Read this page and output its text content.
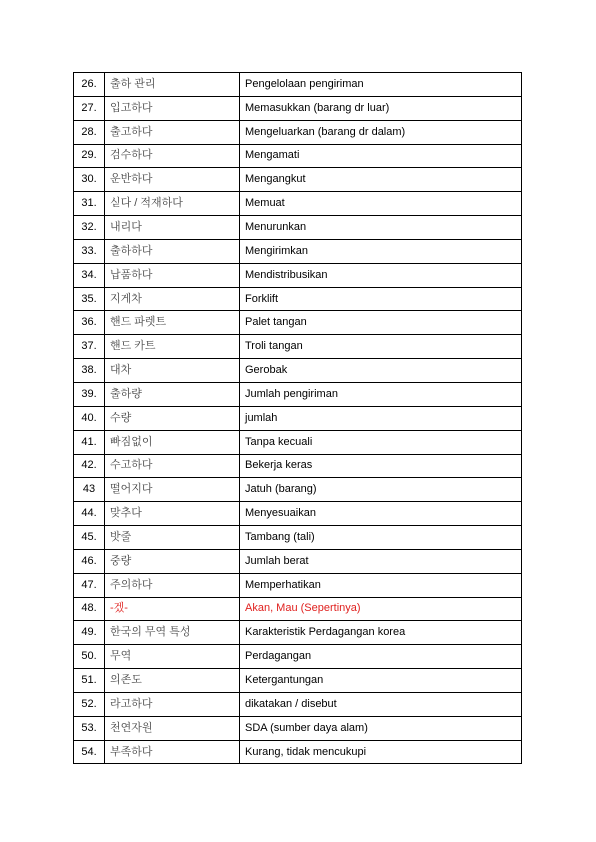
26.	출하 관리	Pengelolaan pengiriman
27.	입고하다	Memasukkan (barang dr luar)
28.	출고하다	Mengeluarkan (barang dr dalam)
29.	검수하다	Mengamati
30.	운반하다	Mengangkut
31.	싣다 / 적재하다	Memuat
32.	내리다	Menurunkan
33.	출하하다	Mengirimkan
34.	납품하다	Mendistribusikan
35.	지게차	Forklift
36.	핸드 파렛트	Palet tangan
37.	핸드 카트	Troli tangan
38.	대차	Gerobak
39.	출하량	Jumlah pengiriman
40.	수량	jumlah
41.	빠짐없이	Tanpa kecuali
42.	수고하다	Bekerja keras
43	떨어지다	Jatuh (barang)
44.	맞추다	Menyesuaikan
45.	밧줄	Tambang (tali)
46.	중량	Jumlah berat
47.	주의하다	Memperhatikan
48.	-겠-	Akan, Mau (Sepertinya)
49.	한국의 무역 특성	Karakteristik Perdagangan korea
50.	무역	Perdagangan
51.	의존도	Ketergantungan
52.	라고하다	dikatakan / disebut
53.	천연자원	SDA (sumber daya alam)
54.	부족하다	Kurang, tidak mencukupi
